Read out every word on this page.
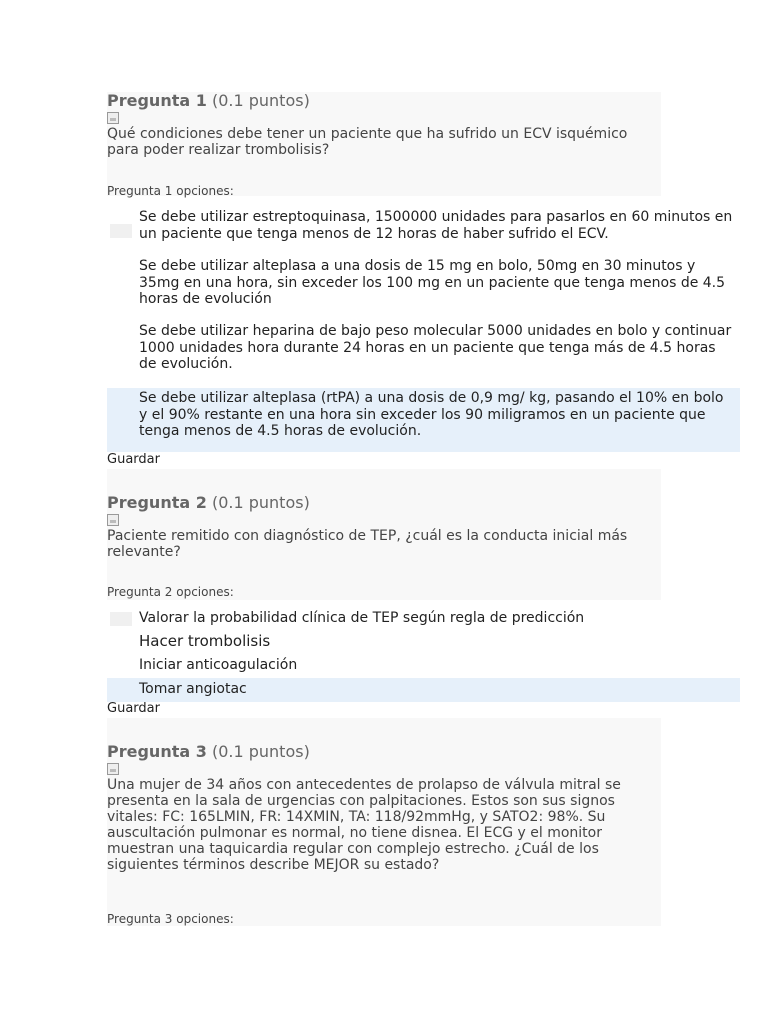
Pregunta 1 (0.1 puntos)
Qué condiciones debe tener un paciente que ha sufrido un ECV isquémico para poder realizar trombolisis?
Pregunta 1 opciones:
Se debe utilizar estreptoquinasa, 1500000 unidades para pasarlos en 60 minutos en un paciente que tenga menos de 12 horas de haber sufrido el ECV.
Se debe utilizar alteplasa a una dosis de 15 mg en bolo, 50mg en 30 minutos y 35mg en una hora, sin exceder los 100 mg en un paciente que tenga menos de 4.5 horas de evolución
Se debe utilizar heparina de bajo peso molecular 5000 unidades en bolo y continuar 1000 unidades hora durante 24 horas en un paciente que tenga más de 4.5 horas de evolución.
Se debe utilizar alteplasa (rtPA) a una dosis de 0,9 mg/ kg, pasando el 10% en bolo y el 90% restante en una hora sin exceder los 90 miligramos en un paciente que tenga menos de 4.5 horas de evolución.
Guardar
Pregunta 2 (0.1 puntos)
Paciente remitido con diagnóstico de TEP, ¿cuál es la conducta inicial más relevante?
Pregunta 2 opciones:
Valorar la probabilidad clínica de TEP según regla de predicción
Hacer trombolisis
Iniciar anticoagulación
Tomar angiotac
Guardar
Pregunta 3 (0.1 puntos)
Una mujer de 34 años con antecedentes de prolapso de válvula mitral se presenta en la sala de urgencias con palpitaciones. Estos son sus signos vitales: FC: 165LMIN, FR: 14XMIN, TA: 118/92mmHg, y SATO2: 98%. Su auscultación pulmonar es normal, no tiene disnea. El ECG y el monitor muestran una taquicardia regular con complejo estrecho. ¿Cuál de los siguientes términos describe MEJOR su estado?
Pregunta 3 opciones:
